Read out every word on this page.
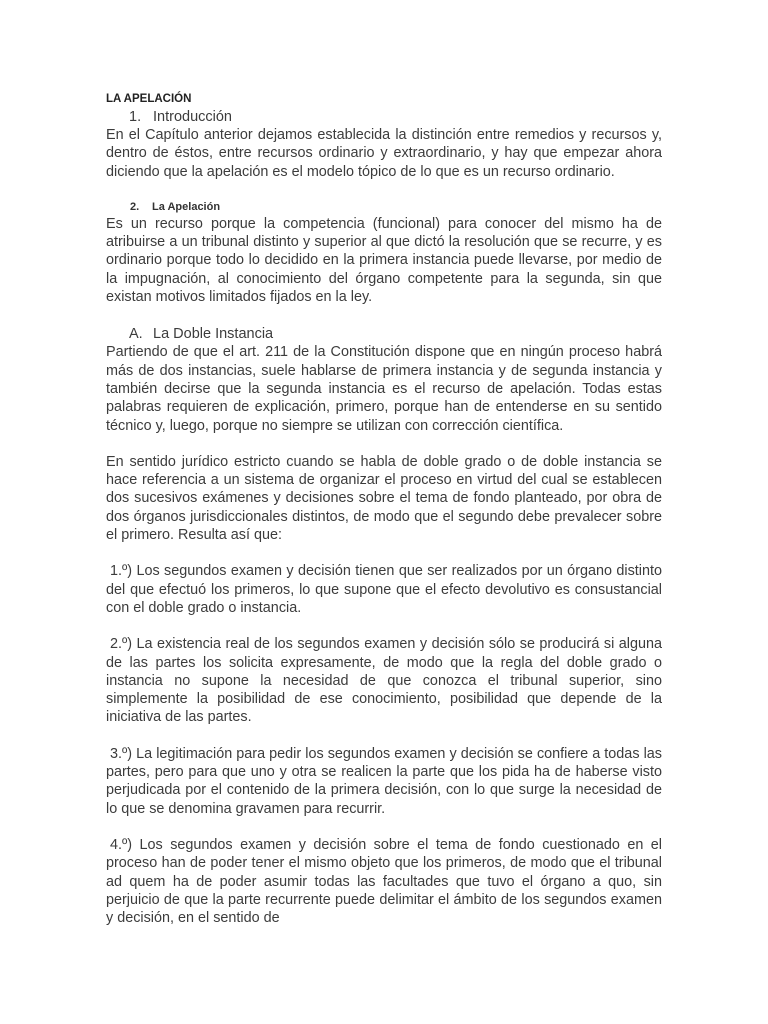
LA APELACIÓN
1. Introducción

En el Capítulo anterior dejamos establecida la distinción entre remedios y recursos y, dentro de éstos, entre recursos ordinario y extraordinario, y hay que empezar ahora diciendo que la apelación es el modelo tópico de lo que es un recurso ordinario.

2. La Apelación

Es un recurso porque la competencia (funcional) para conocer del mismo ha de atribuirse a un tribunal distinto y superior al que dictó la resolución que se recurre, y es ordinario porque todo lo decidido en la primera instancia puede llevarse, por medio de la impugnación, al conocimiento del órgano competente para la segunda, sin que existan motivos limitados fijados en la ley.

A. La Doble Instancia

Partiendo de que el art. 211 de la Constitución dispone que en ningún proceso habrá más de dos instancias, suele hablarse de primera instancia y de segunda instancia y también decirse que la segunda instancia es el recurso de apelación. Todas estas palabras requieren de explicación, primero, porque han de entenderse en su sentido técnico y, luego, porque no siempre se utilizan con corrección científica.

En sentido jurídico estricto cuando se habla de doble grado o de doble instancia se hace referencia a un sistema de organizar el proceso en virtud del cual se establecen dos sucesivos exámenes y decisiones sobre el tema de fondo planteado, por obra de dos órganos jurisdiccionales distintos, de modo que el segundo debe prevalecer sobre el primero. Resulta así que:

1.º) Los segundos examen y decisión tienen que ser realizados por un órgano distinto del que efectuó los primeros, lo que supone que el efecto devolutivo es consustancial con el doble grado o instancia.

2.º) La existencia real de los segundos examen y decisión sólo se producirá si alguna de las partes los solicita expresamente, de modo que la regla del doble grado o instancia no supone la necesidad de que conozca el tribunal superior, sino simplemente la posibilidad de ese conocimiento, posibilidad que depende de la iniciativa de las partes.

3.º) La legitimación para pedir los segundos examen y decisión se confiere a todas las partes, pero para que uno y otra se realicen la parte que los pida ha de haberse visto perjudicada por el contenido de la primera decisión, con lo que surge la necesidad de lo que se denomina gravamen para recurrir.

4.º) Los segundos examen y decisión sobre el tema de fondo cuestionado en el proceso han de poder tener el mismo objeto que los primeros, de modo que el tribunal ad quem ha de poder asumir todas las facultades que tuvo el órgano a quo, sin perjuicio de que la parte recurrente puede delimitar el ámbito de los segundos examen y decisión, en el sentido de
